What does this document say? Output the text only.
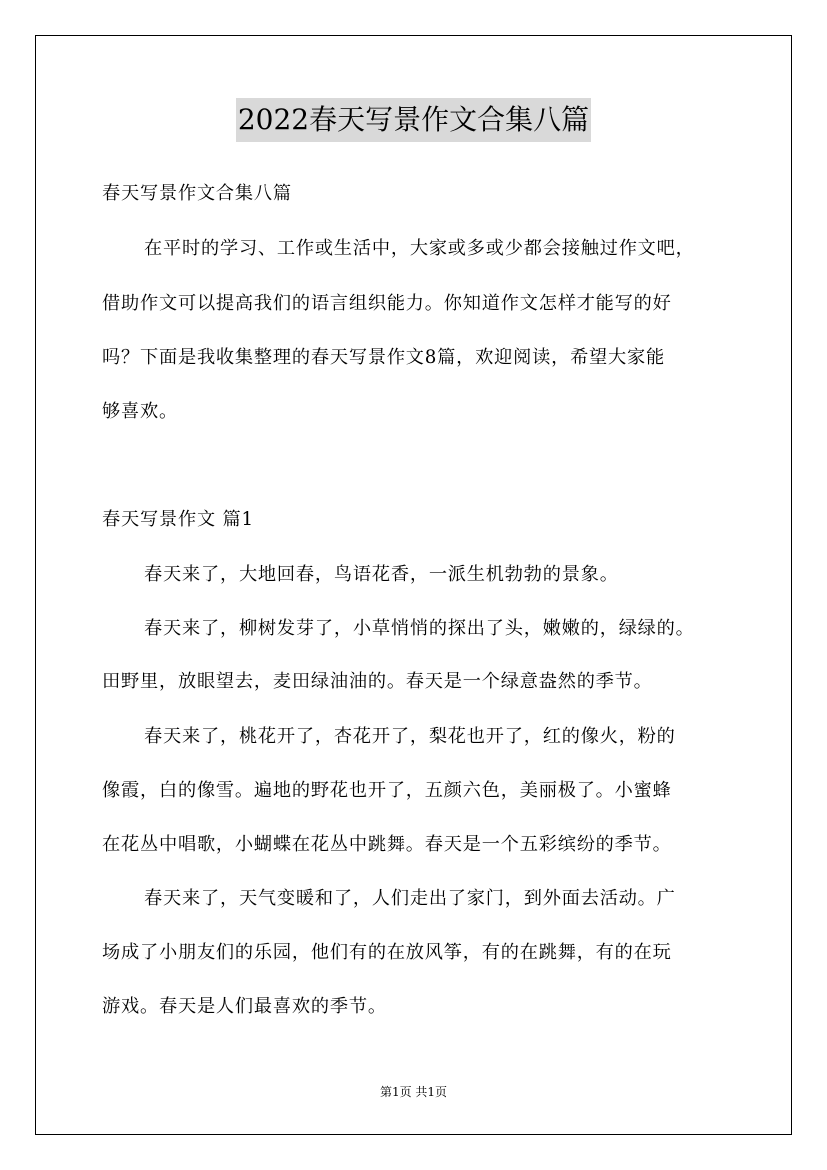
2022春天写景作文合集八篇
春天写景作文合集八篇
在平时的学习、工作或生活中，大家或多或少都会接触过作文吧，
借助作文可以提高我们的语言组织能力。你知道作文怎样才能写的好
吗？下面是我收集整理的春天写景作文8篇，欢迎阅读，希望大家能
够喜欢。
春天写景作文 篇1
春天来了，大地回春，鸟语花香，一派生机勃勃的景象。
春天来了，柳树发芽了，小草悄悄的探出了头，嫩嫩的，绿绿的。
田野里，放眼望去，麦田绿油油的。春天是一个绿意盎然的季节。
春天来了，桃花开了，杏花开了，梨花也开了，红的像火，粉的
像霞，白的像雪。遍地的野花也开了，五颜六色，美丽极了。小蜜蜂
在花丛中唱歌，小蝴蝶在花丛中跳舞。春天是一个五彩缤纷的季节。
春天来了，天气变暖和了，人们走出了家门，到外面去活动。广
场成了小朋友们的乐园，他们有的在放风筝，有的在跳舞，有的在玩
游戏。春天是人们最喜欢的季节。
第1页 共1页
